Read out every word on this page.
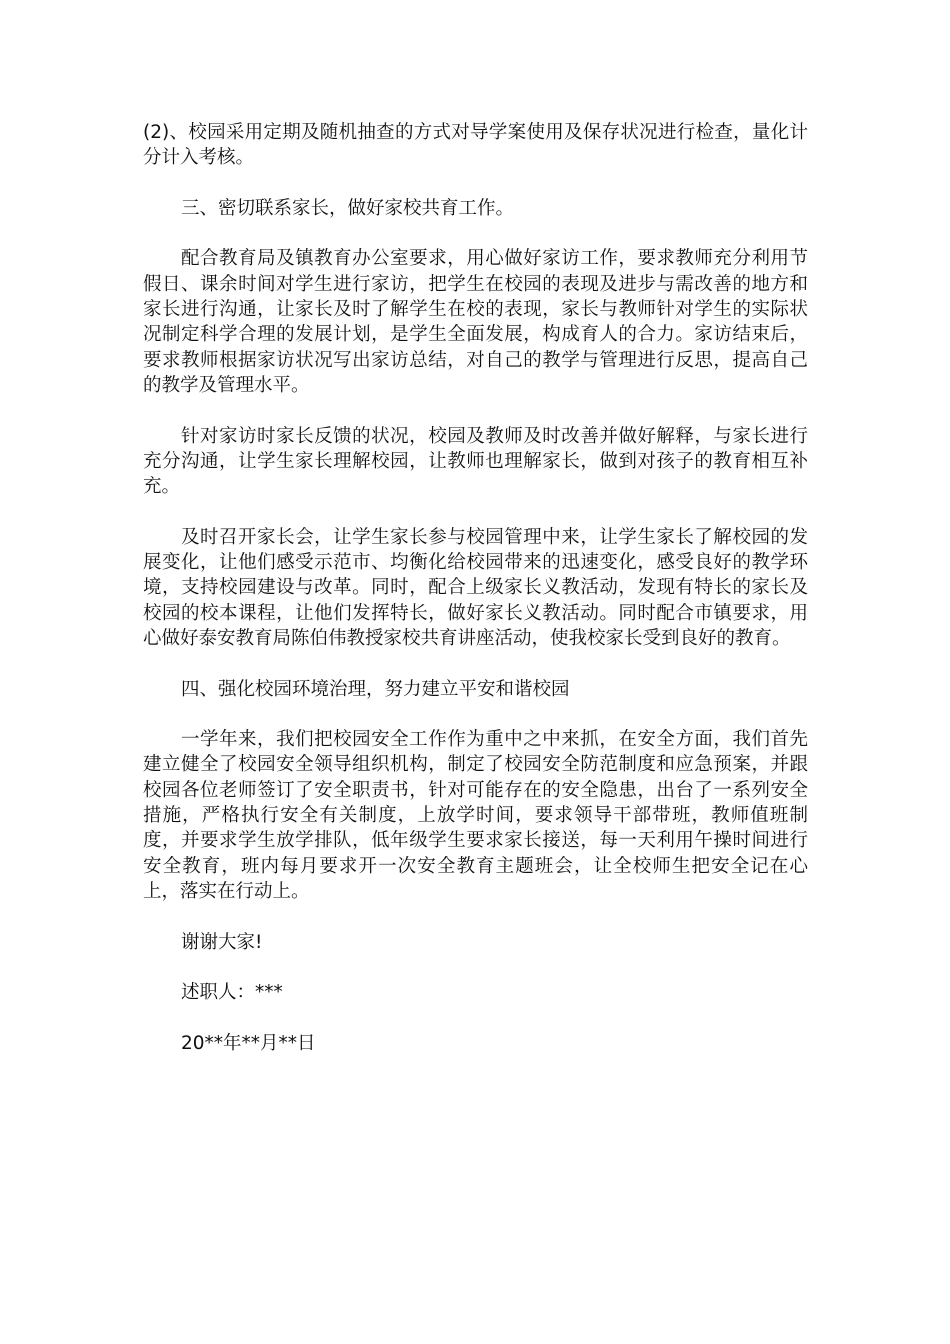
(2)、校园采用定期及随机抽查的方式对导学案使用及保存状况进行检查，量化计分计入考核。

三、密切联系家长，做好家校共育工作。

配合教育局及镇教育办公室要求，用心做好家访工作，要求教师充分利用节假日、课余时间对学生进行家访，把学生在校园的表现及进步与需改善的地方和家长进行沟通，让家长及时了解学生在校的表现，家长与教师针对学生的实际状况制定科学合理的发展计划，是学生全面发展，构成育人的合力。家访结束后，要求教师根据家访状况写出家访总结，对自己的教学与管理进行反思，提高自己的教学及管理水平。

针对家访时家长反馈的状况，校园及教师及时改善并做好解释，与家长进行充分沟通，让学生家长理解校园，让教师也理解家长，做到对孩子的教育相互补充。

及时召开家长会，让学生家长参与校园管理中来，让学生家长了解校园的发展变化，让他们感受示范市、均衡化给校园带来的迅速变化，感受良好的教学环境，支持校园建设与改革。同时，配合上级家长义教活动，发现有特长的家长及校园的校本课程，让他们发挥特长，做好家长义教活动。同时配合市镇要求，用心做好泰安教育局陈伯伟教授家校共育讲座活动，使我校家长受到良好的教育。

四、强化校园环境治理，努力建立平安和谐校园

一学年来，我们把校园安全工作作为重中之中来抓，在安全方面，我们首先建立健全了校园安全领导组织机构，制定了校园安全防范制度和应急预案，并跟校园各位老师签订了安全职责书，针对可能存在的安全隐患，出台了一系列安全措施，严格执行安全有关制度，上放学时间，要求领导干部带班，教师值班制度，并要求学生放学排队，低年级学生要求家长接送，每一天利用午操时间进行安全教育，班内每月要求开一次安全教育主题班会，让全校师生把安全记在心上，落实在行动上。

谢谢大家!

述职人：***

20**年**月**日
